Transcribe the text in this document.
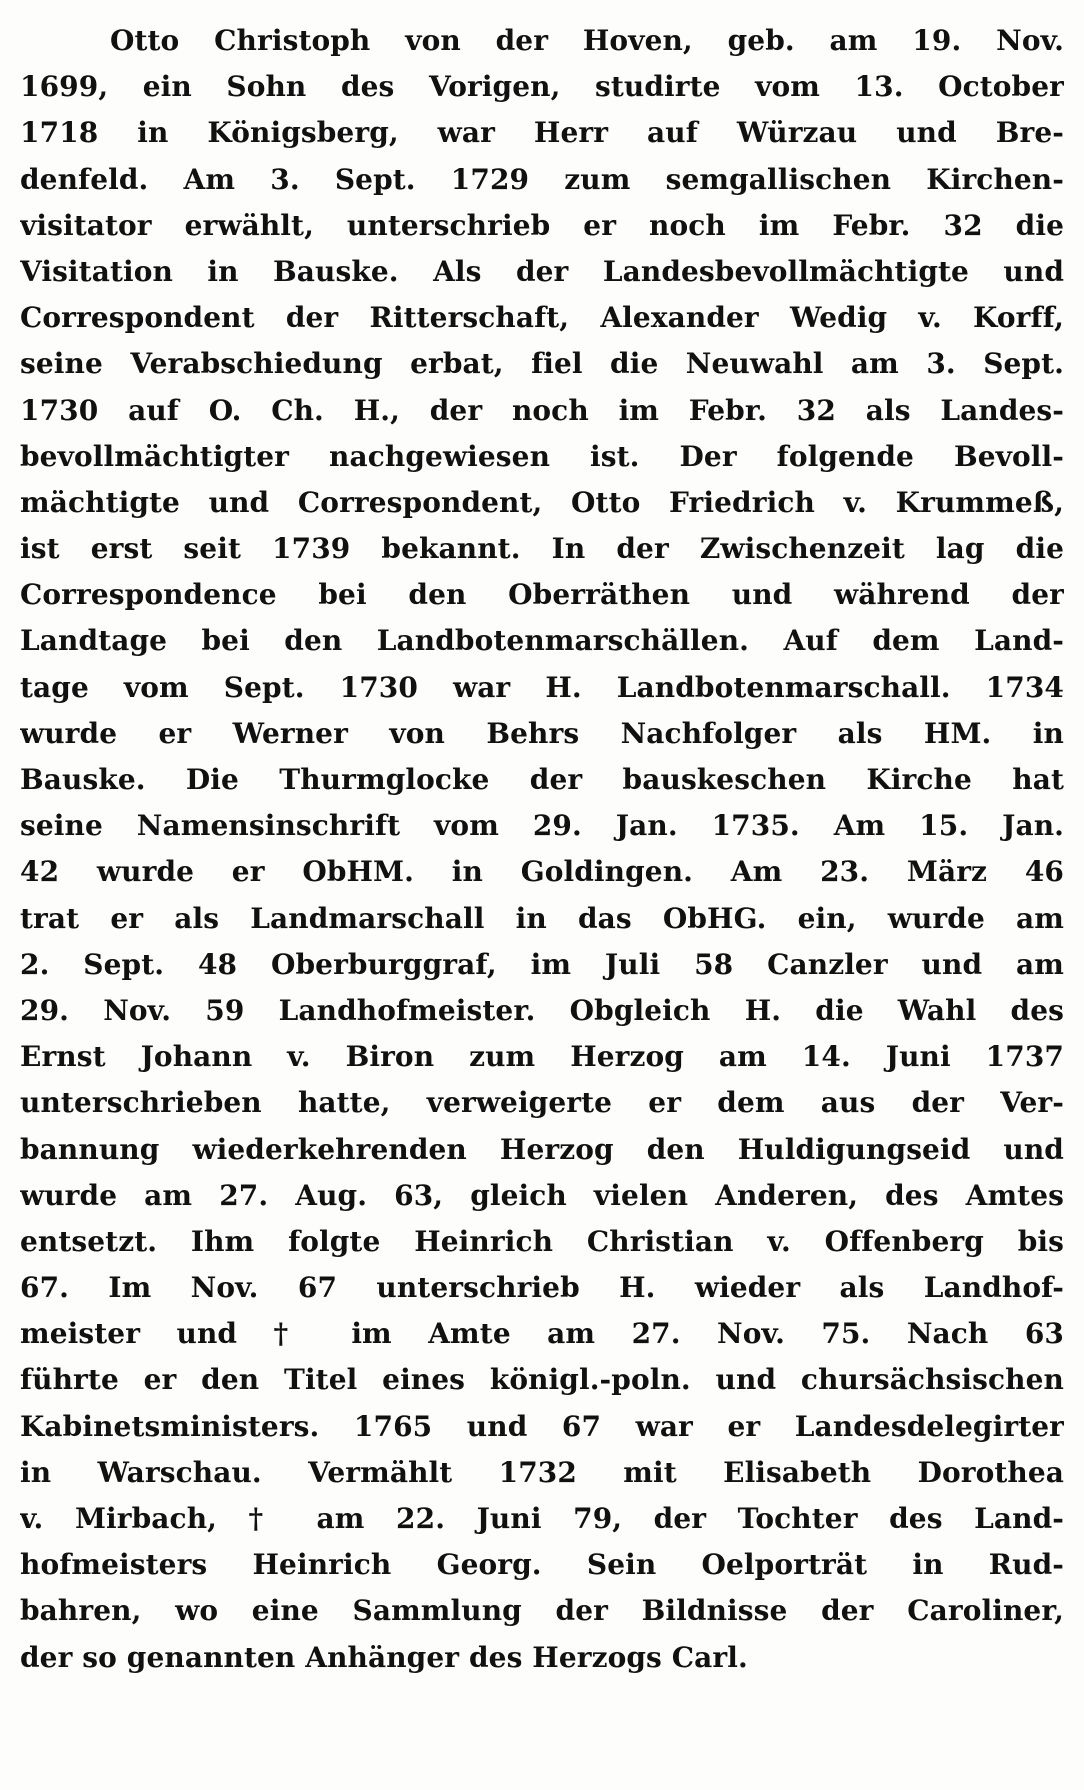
Otto Christoph von der Hoven, geb. am 19. Nov.
1699, ein Sohn des Vorigen, studirte vom 13. October
1718 in Königsberg, war Herr auf Würzau und Bre-
denfeld. Am 3. Sept. 1729 zum semgallischen Kirchen-
visitator erwählt, unterschrieb er noch im Febr. 32 die
Visitation in Bauske. Als der Landesbevollmächtigte und
Correspondent der Ritterschaft, Alexander Wedig v. Korff,
seine Verabschiedung erbat, fiel die Neuwahl am 3. Sept.
1730 auf O. Ch. H., der noch im Febr. 32 als Landes-
bevollmächtigter nachgewiesen ist. Der folgende Bevoll-
mächtigte und Correspondent, Otto Friedrich v. Krummeß,
ist erst seit 1739 bekannt. In der Zwischenzeit lag die
Correspondence bei den Oberräthen und während der
Landtage bei den Landbotenmarschällen. Auf dem Land-
tage vom Sept. 1730 war H. Landbotenmarschall. 1734
wurde er Werner von Behrs Nachfolger als HM. in
Bauske. Die Thurmglocke der bauskeschen Kirche hat
seine Namensinschrift vom 29. Jan. 1735. Am 15. Jan.
42 wurde er ObHM. in Goldingen. Am 23. März 46
trat er als Landmarschall in das ObHG. ein, wurde am
2. Sept. 48 Oberburggraf, im Juli 58 Canzler und am
29. Nov. 59 Landhofmeister. Obgleich H. die Wahl des
Ernst Johann v. Biron zum Herzog am 14. Juni 1737
unterschrieben hatte, verweigerte er dem aus der Ver-
bannung wiederkehrenden Herzog den Huldigungseid und
wurde am 27. Aug. 63, gleich vielen Anderen, des Amtes
entsetzt. Ihm folgte Heinrich Christian v. Offenberg bis
67. Im Nov. 67 unterschrieb H. wieder als Landhof-
meister und † im Amte am 27. Nov. 75. Nach 63
führte er den Titel eines königl.-poln. und chursächsischen
Kabinetsministers. 1765 und 67 war er Landesdelegirter
in Warschau. Vermählt 1732 mit Elisabeth Dorothea
v. Mirbach, † am 22. Juni 79, der Tochter des Land-
hofmeisters Heinrich Georg. Sein Oelporträt in Rud-
bahren, wo eine Sammlung der Bildnisse der Caroliner,
der so genannten Anhänger des Herzogs Carl.
